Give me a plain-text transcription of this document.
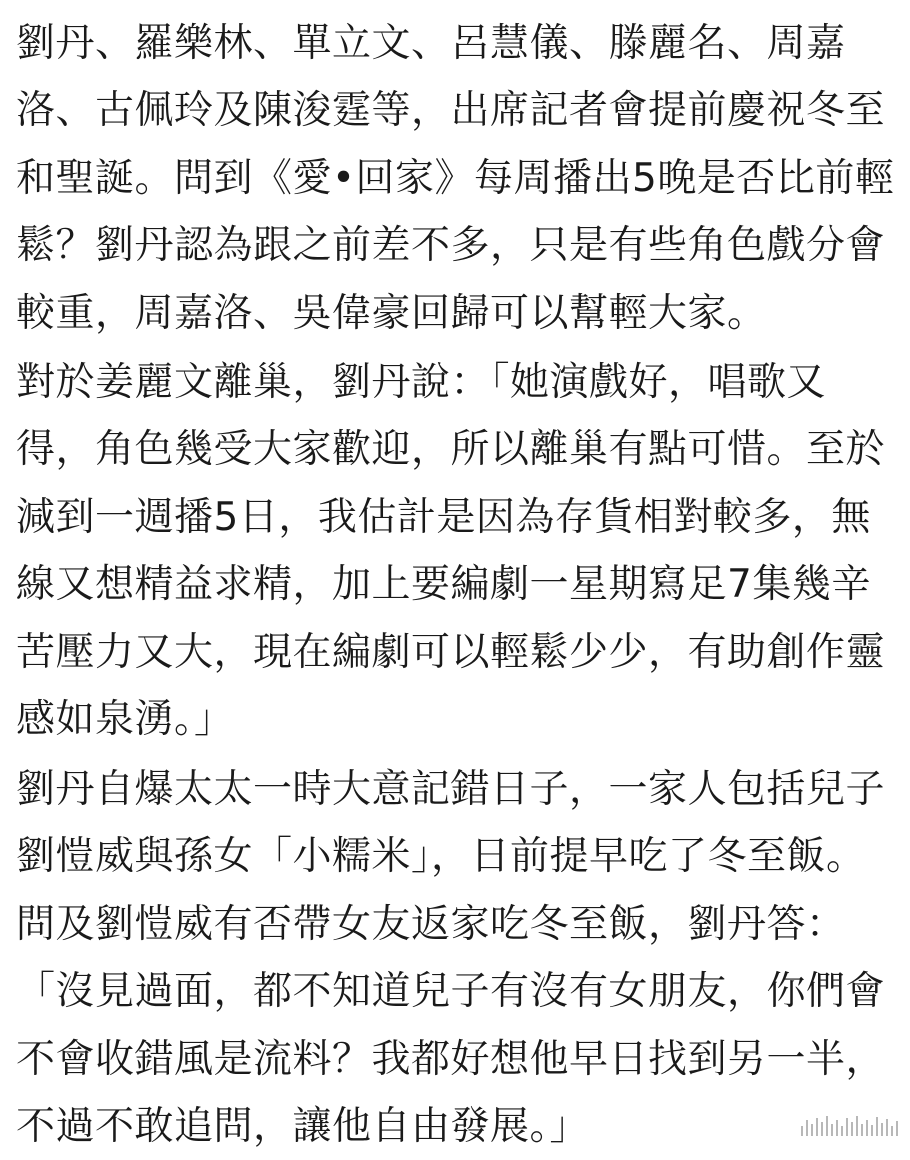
劉丹、羅樂林、單立文、呂慧儀、滕麗名、周嘉
洛、古佩玲及陳浚霆等，出席記者會提前慶祝冬至
和聖誕。問到《愛•回家》每周播出5晚是否比前輕
鬆？劉丹認為跟之前差不多，只是有些角色戲分會
較重，周嘉洛、吳偉豪回歸可以幫輕大家。

對於姜麗文離巢，劉丹說：「她演戲好，唱歌又
得，角色幾受大家歡迎，所以離巢有點可惜。至於
減到一週播5日，我估計是因為存貨相對較多，無
線又想精益求精，加上要編劇一星期寫足7集幾辛
苦壓力又大，現在編劇可以輕鬆少少，有助創作靈
感如泉湧。」

劉丹自爆太太一時大意記錯日子，一家人包括兒子
劉愷威與孫女「小糯米」，日前提早吃了冬至飯。
問及劉愷威有否帶女友返家吃冬至飯，劉丹答：
「沒見過面，都不知道兒子有沒有女朋友，你們會
不會收錯風是流料？我都好想他早日找到另一半，
不過不敢追問，讓他自由發展。」
